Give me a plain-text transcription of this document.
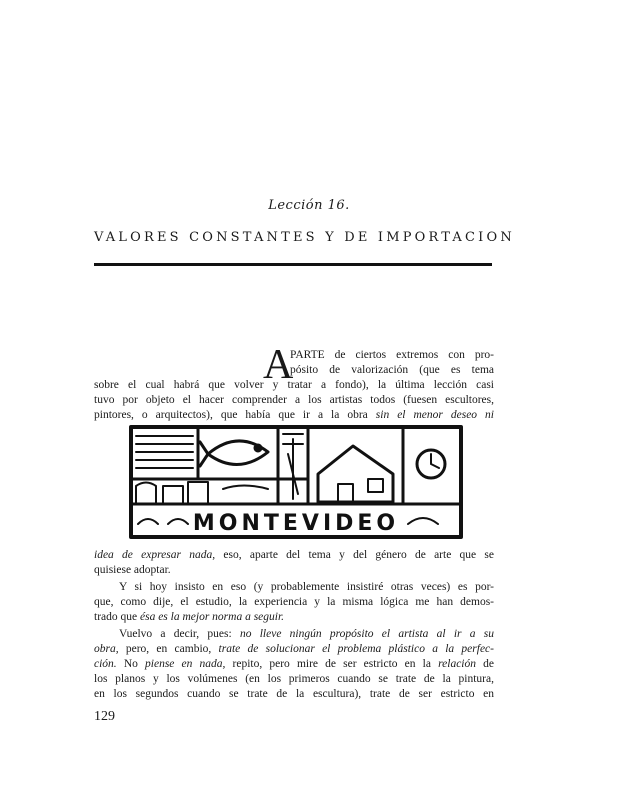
Lección 16.
VALORES CONSTANTES Y DE IMPORTACION
A
PARTE de ciertos extremos con pro-
pósito de valorización (que es tema
sobre el cual habrá que volver y tratar a fondo), la última lección casi
tuvo por objeto el hacer comprender a los artistas todos (fuesen escultores,
pintores, o arquitectos), que había que ir a la obra sin el menor deseo ni
MONTEVIDEO
idea de expresar nada, eso, aparte del tema y del género de arte que se
quisiese adoptar.
Y si hoy insisto en eso (y probablemente insistiré otras veces) es por-
que, como dije, el estudio, la experiencia y la misma lógica me han demos-
trado que ésa es la mejor norma a seguir.
Vuelvo a decir, pues: no lleve ningún propósito el artista al ir a su
obra, pero, en cambio, trate de solucionar el problema plástico a la perfec-
ción. No piense en nada, repito, pero mire de ser estricto en la relación de
los planos y los volúmenes (en los primeros cuando se trate de la pintura,
en los segundos cuando se trate de la escultura), trate de ser estricto en
129
